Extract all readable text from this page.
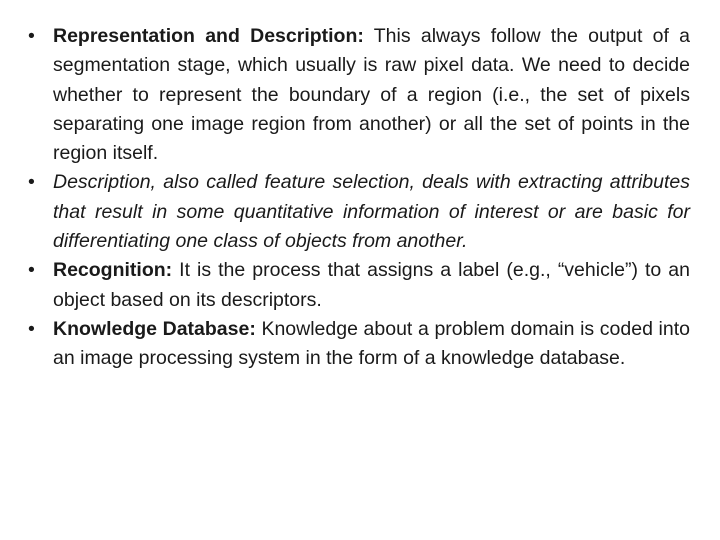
• Representation and Description: This always follow the output of a segmentation stage, which usually is raw pixel data. We need to decide whether to represent the boundary of a region (i.e., the set of pixels separating one image region from another) or all the set of points in the region itself.
• Description, also called feature selection, deals with extracting attributes that result in some quantitative information of interest or are basic for differentiating one class of objects from another.
• Recognition: It is the process that assigns a label (e.g., “vehicle”) to an object based on its descriptors.
• Knowledge Database: Knowledge about a problem domain is coded into an image processing system in the form of a knowledge database.
